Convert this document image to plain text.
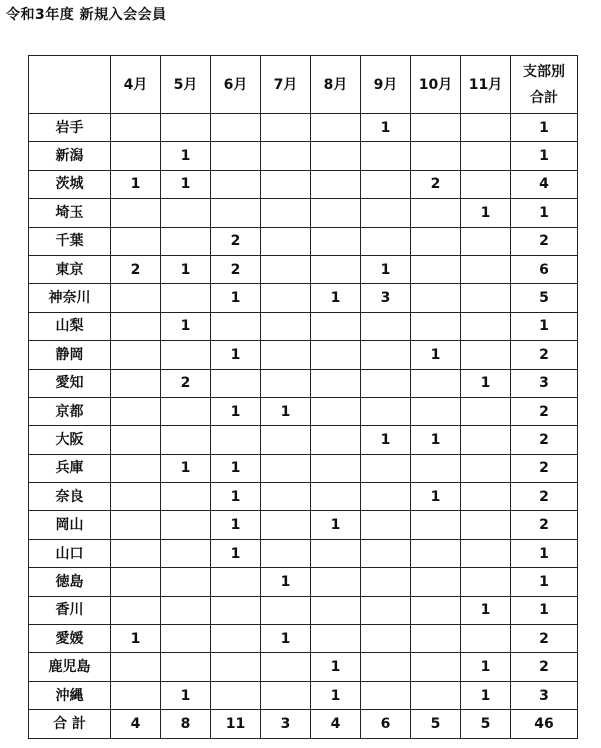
令和3年度 新規入会会員
	4月	5月	6月	7月	8月	9月	10月	11月	支部別
合計
岩手						1			1
新潟		1							1
茨城	1	1					2		4
埼玉								1	1
千葉			2						2
東京	2	1	2			1			6
神奈川			1		1	3			5
山梨		1							1
静岡			1				1		2
愛知		2						1	3
京都			1	1					2
大阪						1	1		2
兵庫		1	1						2
奈良			1				1		2
岡山			1		1				2
山口			1						1
徳島				1					1
香川								1	1
愛媛	1			1					2
鹿児島					1			1	2
沖縄		1			1			1	3
合 計	4	8	11	3	4	6	5	5	46
